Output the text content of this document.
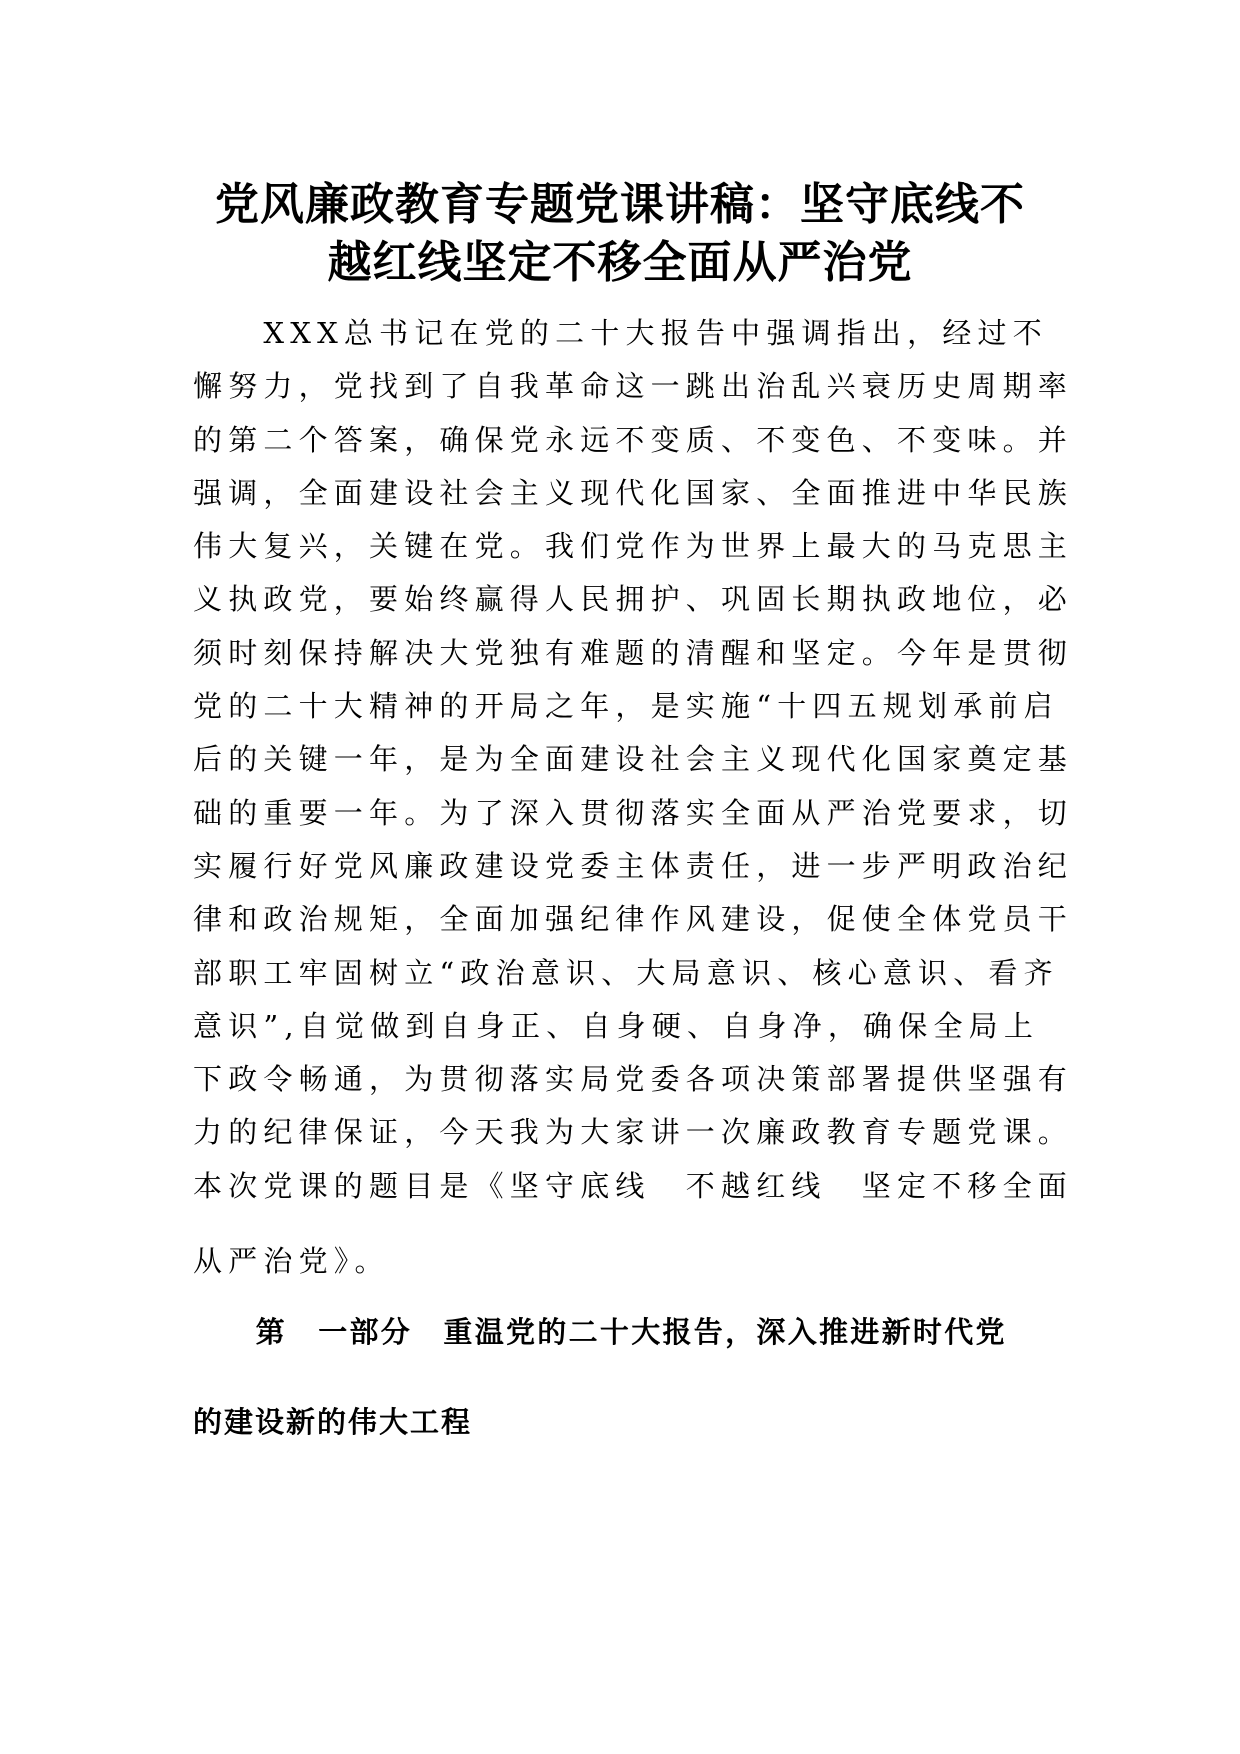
党风廉政教育专题党课讲稿：坚守底线不
越红线坚定不移全面从严治党
　　XXX总书记在党的二十大报告中强调指出，经过不
懈努力，党找到了自我革命这一跳出治乱兴衰历史周期率
的第二个答案，确保党永远不变质、不变色、不变味。并
强调，全面建设社会主义现代化国家、全面推进中华民族
伟大复兴，关键在党。我们党作为世界上最大的马克思主
义执政党，要始终赢得人民拥护、巩固长期执政地位，必
须时刻保持解决大党独有难题的清醒和坚定。今年是贯彻
党的二十大精神的开局之年，是实施“十四五规划承前启
后的关键一年，是为全面建设社会主义现代化国家奠定基
础的重要一年。为了深入贯彻落实全面从严治党要求，切
实履行好党风廉政建设党委主体责任，进一步严明政治纪
律和政治规矩，全面加强纪律作风建设，促使全体党员干
部职工牢固树立“政治意识、大局意识、核心意识、看齐
意识”,自觉做到自身正、自身硬、自身净，确保全局上
下政令畅通，为贯彻落实局党委各项决策部署提供坚强有
力的纪律保证，今天我为大家讲一次廉政教育专题党课。
本次党课的题目是《坚守底线　不越红线　坚定不移全面
从严治党》。
　　第　一部分　重温党的二十大报告，深入推进新时代党
的建设新的伟大工程
